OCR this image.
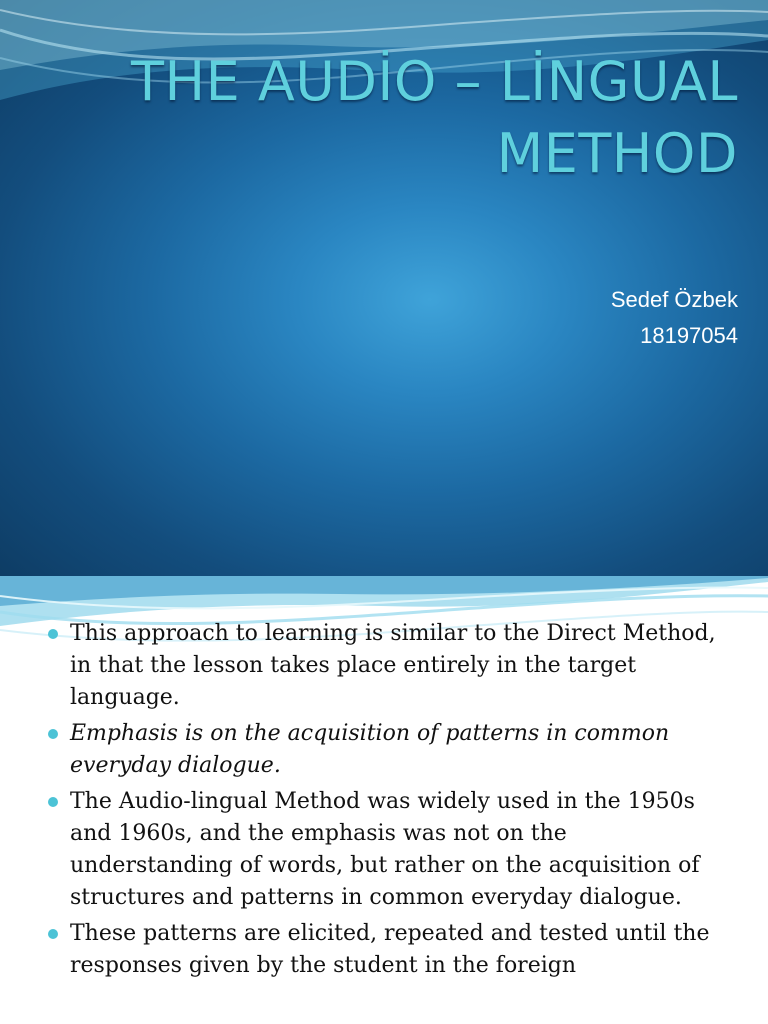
THE AUDİO – LİNGUAL
METHOD
Sedef Özbek
18197054
This approach to learning is similar to the Direct Method, in that the lesson takes place entirely in the target language.
Emphasis is on the acquisition of patterns in common everyday dialogue.
The Audio-lingual Method was widely used in the 1950s and 1960s, and the emphasis was not on the understanding of words, but rather on the acquisition of structures and patterns in common everyday dialogue.
These patterns are elicited, repeated and tested until the responses given by the student in the foreign
